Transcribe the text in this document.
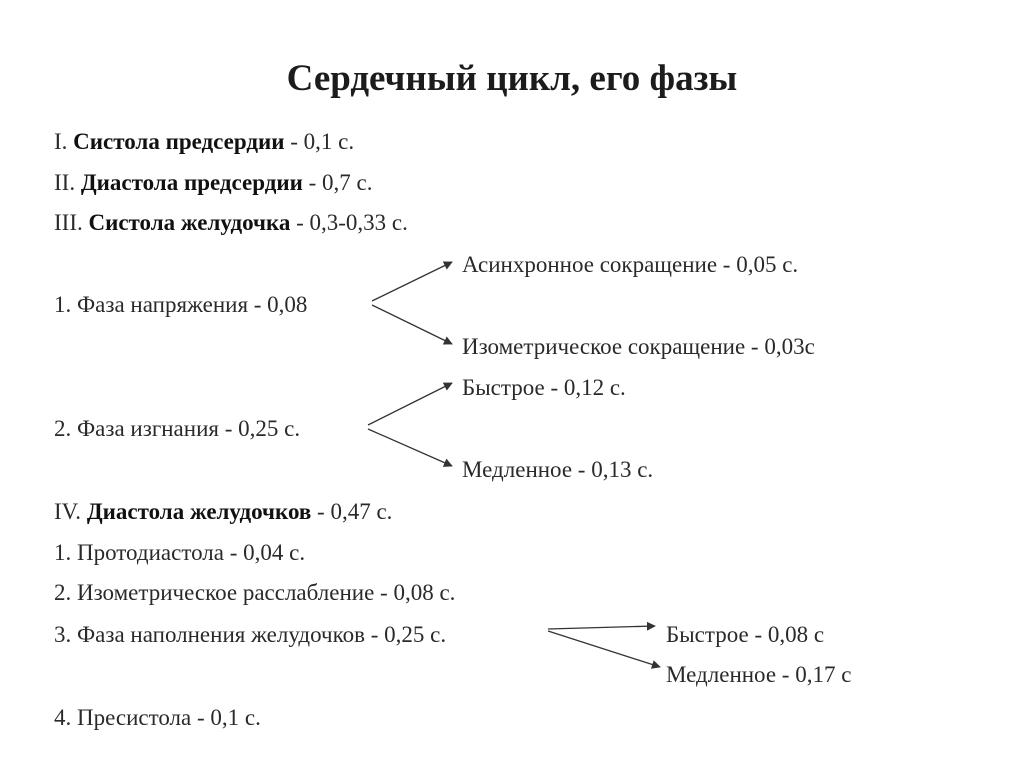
Сердечный цикл, его фазы
I. Систола предсердии - 0,1 с.
II. Диастола предсердии - 0,7 с.
III. Систола желудочка - 0,3-0,33 с.
Асинхронное сокращение - 0,05 с.
1. Фаза напряжения - 0,08
Изометрическое сокращение - 0,03с
Быстрое - 0,12 с.
2. Фаза изгнания - 0,25 с.
Медленное - 0,13 с.
IV. Диастола желудочков - 0,47 с.
1. Протодиастола - 0,04 с.
2. Изометрическое расслабление - 0,08 с.
3. Фаза наполнения желудочков - 0,25 с.	Быстрое - 0,08 с
Медленное - 0,17 с
4. Пресистола - 0,1 с.
